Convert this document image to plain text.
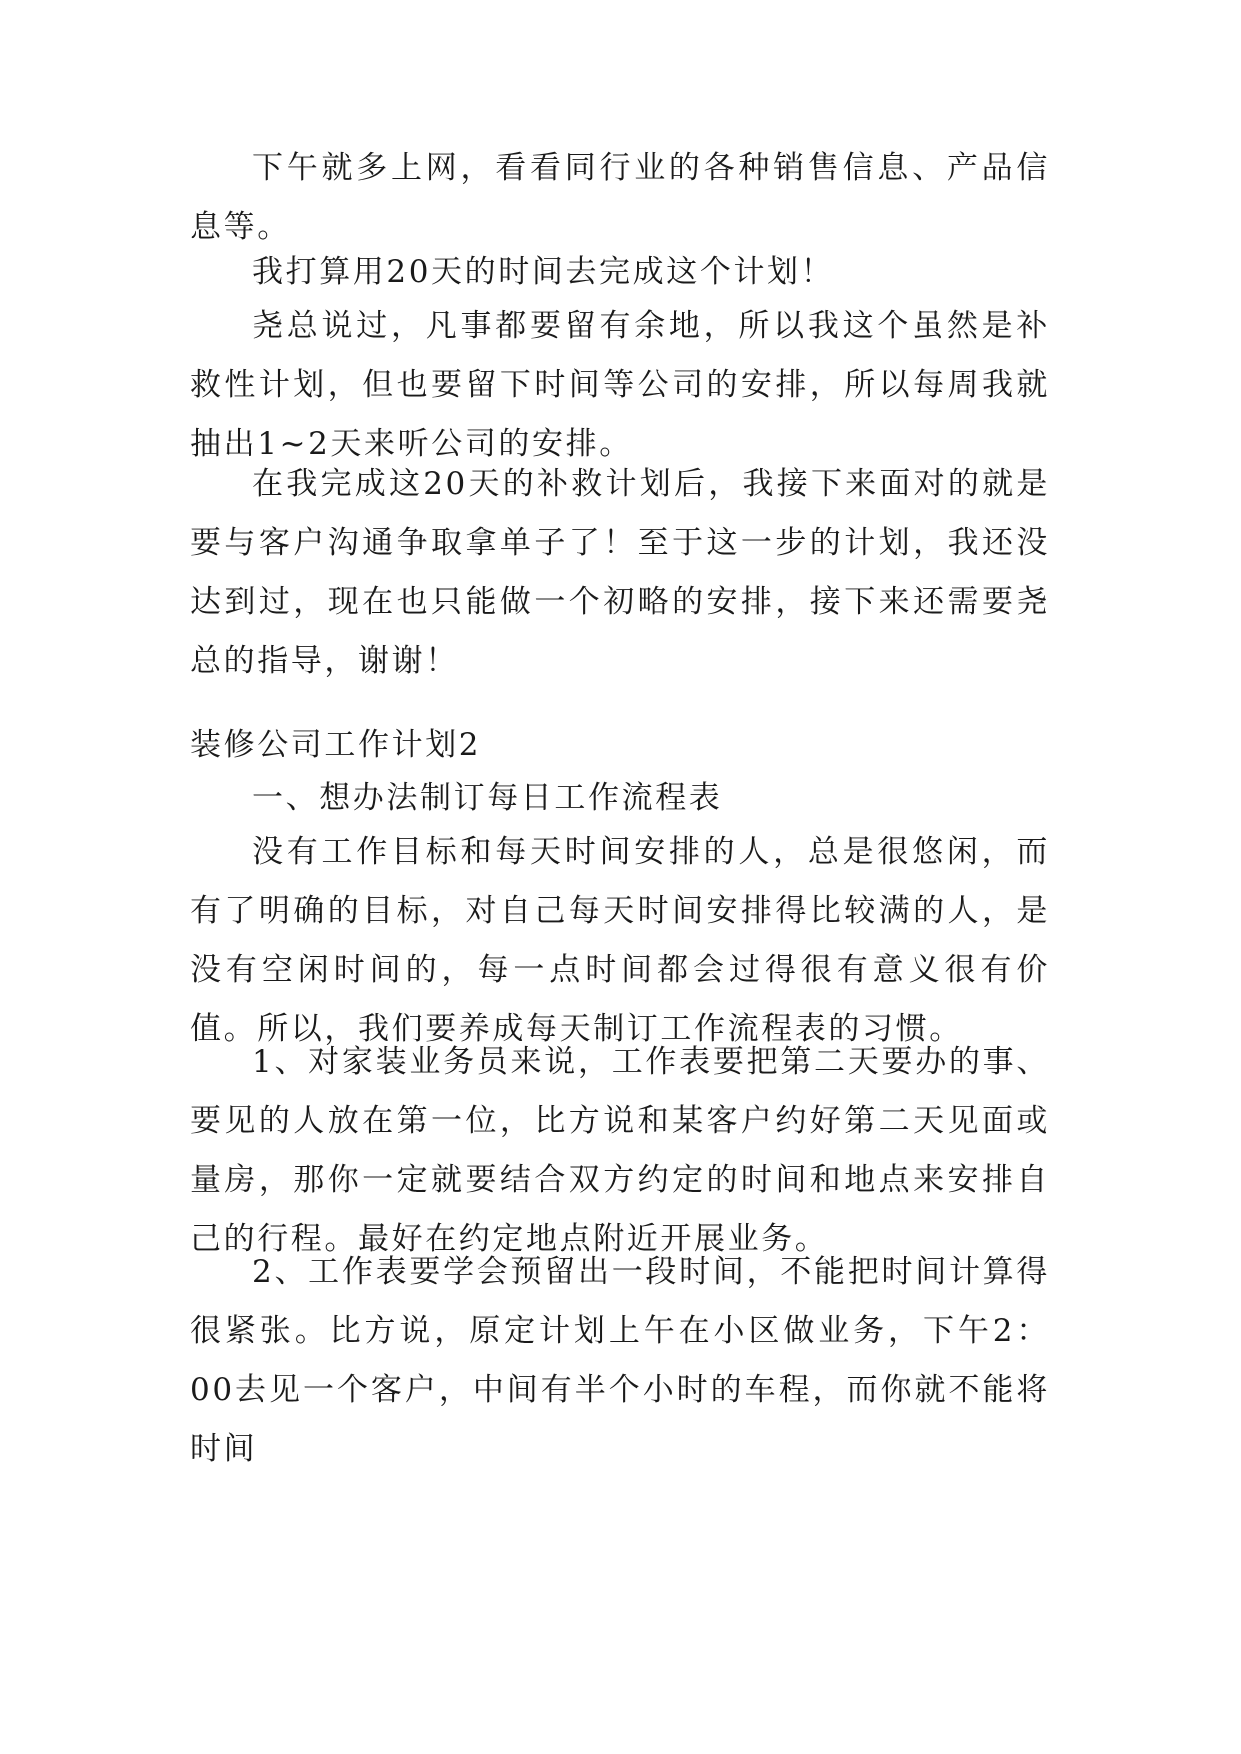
下午就多上网，看看同行业的各种销售信息、产品信息等。

我打算用20天的时间去完成这个计划！

尧总说过，凡事都要留有余地，所以我这个虽然是补救性计划，但也要留下时间等公司的安排，所以每周我就抽出1~2天来听公司的安排。

在我完成这20天的补救计划后，我接下来面对的就是要与客户沟通争取拿单子了！至于这一步的计划，我还没达到过，现在也只能做一个初略的安排，接下来还需要尧总的指导，谢谢！

装修公司工作计划2

一、想办法制订每日工作流程表

没有工作目标和每天时间安排的人，总是很悠闲，而有了明确的目标，对自己每天时间安排得比较满的人，是没有空闲时间的，每一点时间都会过得很有意义很有价值。所以，我们要养成每天制订工作流程表的习惯。

1、对家装业务员来说，工作表要把第二天要办的事、要见的人放在第一位，比方说和某客户约好第二天见面或量房，那你一定就要结合双方约定的时间和地点来安排自己的行程。最好在约定地点附近开展业务。

2、工作表要学会预留出一段时间，不能把时间计算得很紧张。比方说，原定计划上午在小区做业务，下午2：00去见一个客户，中间有半个小时的车程，而你就不能将时间
